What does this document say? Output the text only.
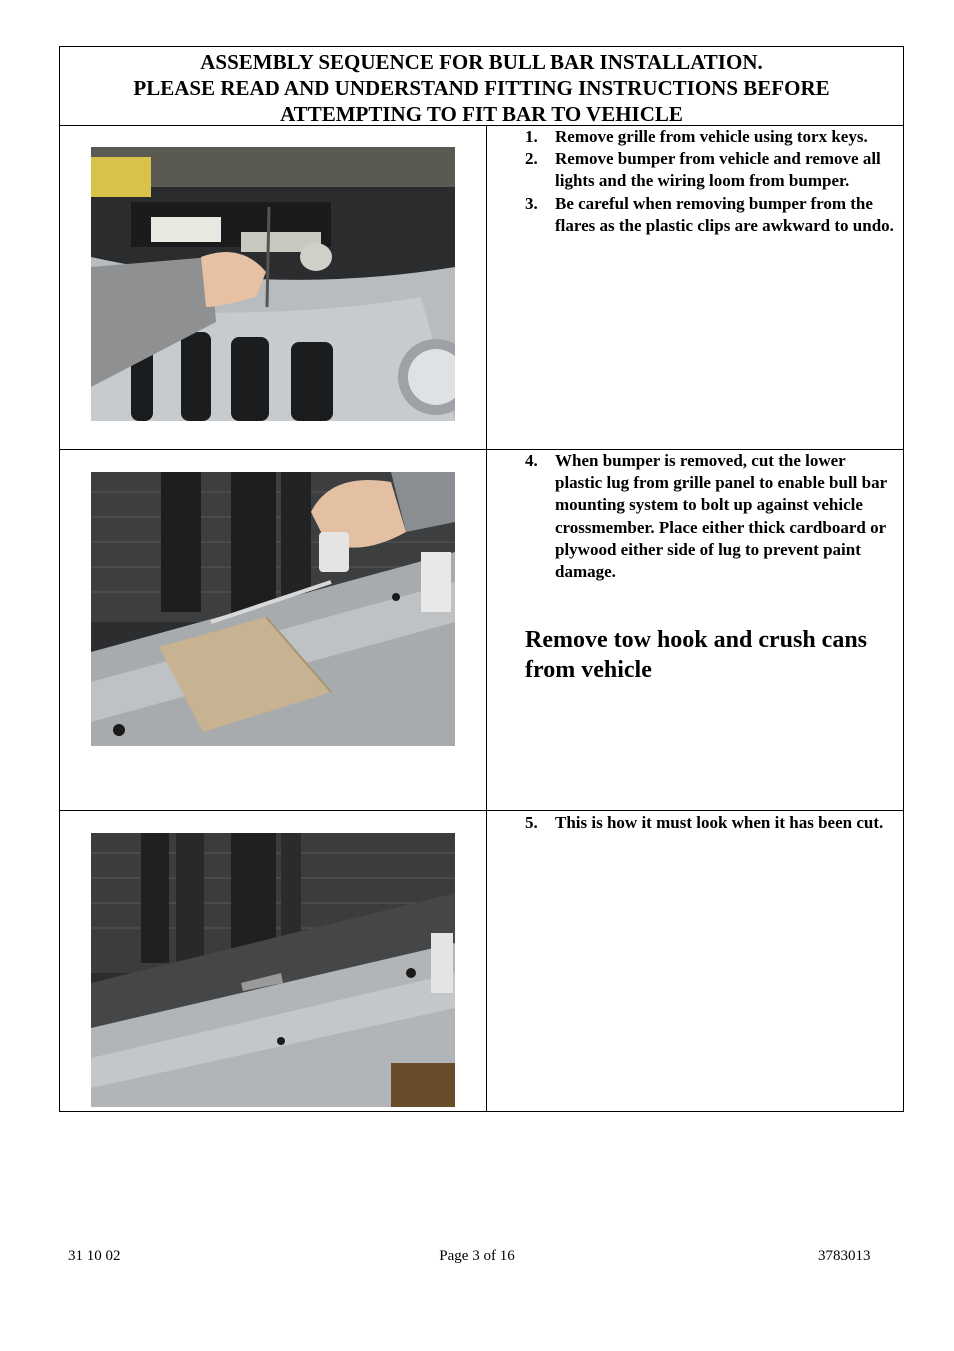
ASSEMBLY SEQUENCE FOR BULL BAR INSTALLATION.
PLEASE READ AND UNDERSTAND FITTING INSTRUCTIONS BEFORE
ATTEMPTING TO FIT BAR TO VEHICLE
1. Remove grille from vehicle using torx keys.
2. Remove bumper from vehicle and remove all lights and the wiring loom from bumper.
3. Be careful when removing bumper from the flares as the plastic clips are awkward to undo.
4. When bumper is removed, cut the lower plastic lug from grille panel to enable bull bar mounting system to bolt up against vehicle crossmember. Place either thick cardboard or plywood either side of lug to prevent paint damage.
Remove tow hook and crush cans from vehicle
5. This is how it must look when it has been cut.
31 10 02	Page 3 of 16	3783013
